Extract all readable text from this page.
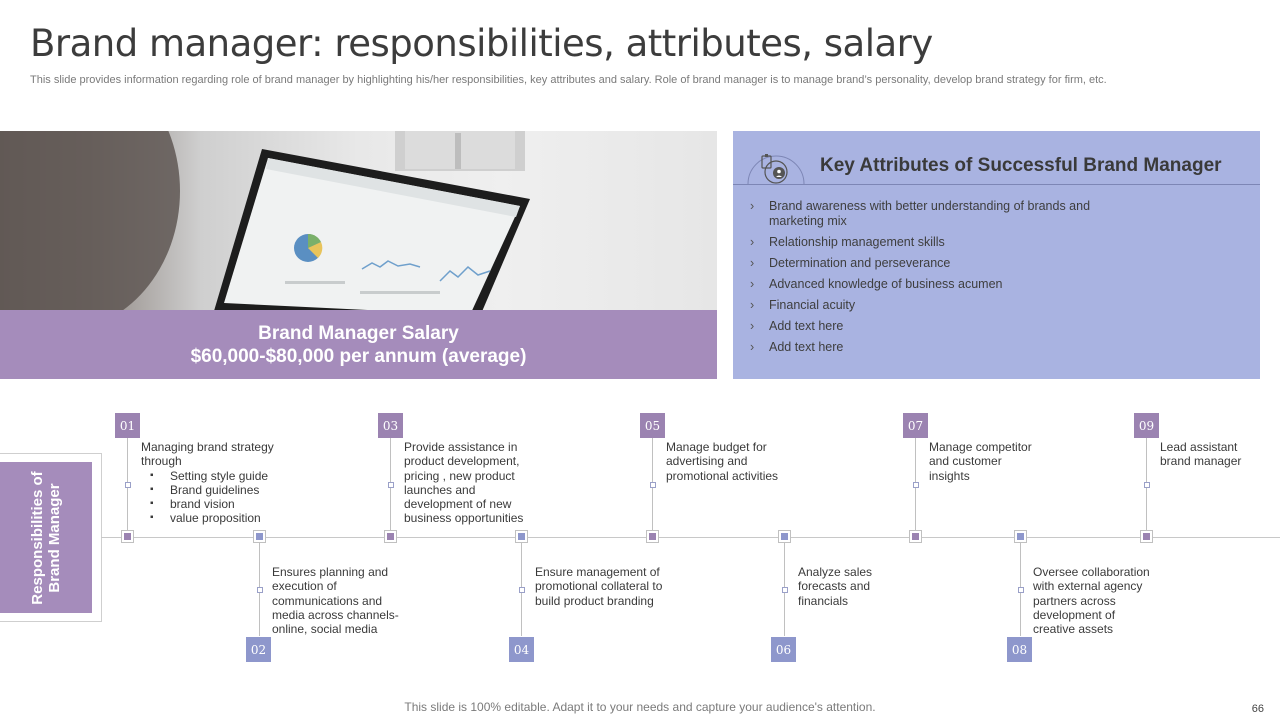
Brand manager: responsibilities, attributes, salary
This slide provides information regarding role of brand manager by highlighting his/her responsibilities, key attributes and salary. Role of brand manager is to manage brand’s personality, develop brand strategy for firm, etc.
Brand Manager Salary
$60,000-$80,000 per annum (average)
Key Attributes of Successful Brand Manager
› Brand awareness with better understanding of brands and marketing mix
› Relationship management skills
› Determination and perseverance
› Advanced knowledge of business acumen
› Financial acuity
› Add text here
› Add text here
Responsibilities of Brand Manager
01
Managing brand strategy through
▪ Setting style guide
▪ Brand guidelines
▪ brand vision
▪ value proposition
02
Ensures planning and execution of communications and media across channels- online, social media
03
Provide assistance in product development, pricing , new product launches and development of new business opportunities
04
Ensure management of promotional collateral to build product branding
05
Manage budget for advertising and promotional activities
06
Analyze sales forecasts and financials
07
Manage competitor and customer insights
08
Oversee collaboration with external agency partners across development of creative assets
09
Lead assistant brand manager
This slide is 100% editable. Adapt it to your needs and capture your audience's attention.	66
